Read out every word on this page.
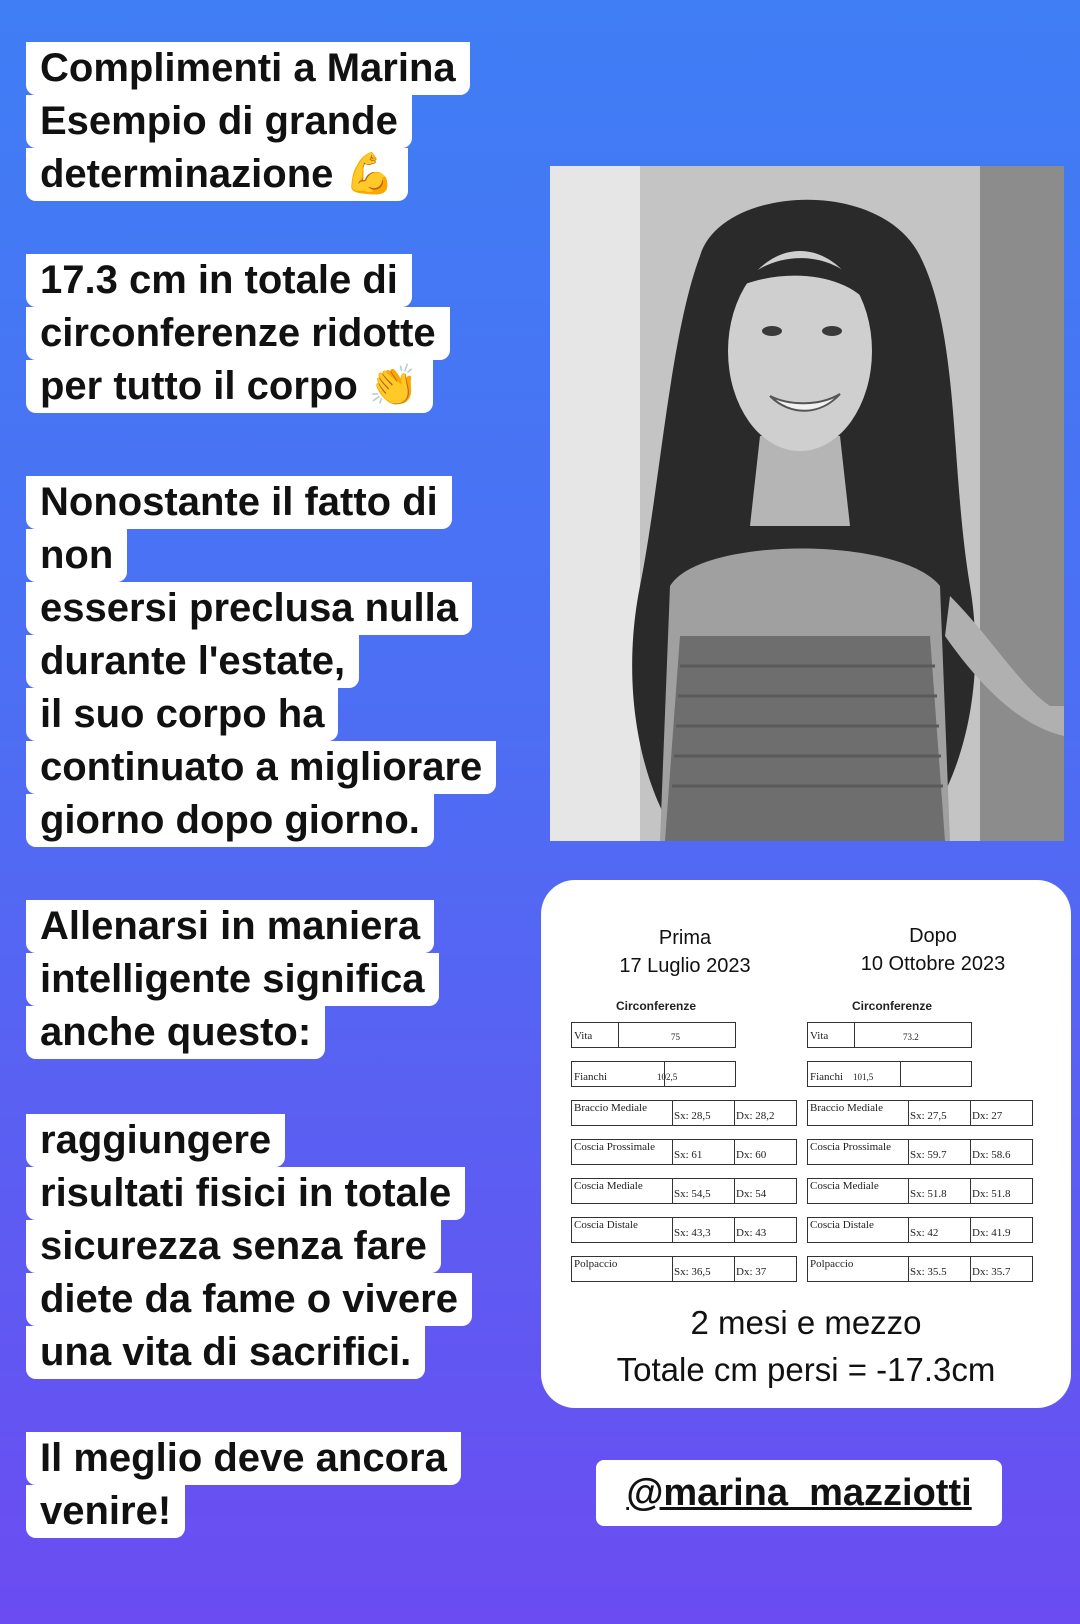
Complimenti a Marina
Esempio di grande
determinazione 💪
17.3 cm in totale di
circonferenze ridotte
per tutto il corpo 👏
Nonostante il fatto di
non
essersi preclusa nulla
durante l'estate,
il suo corpo ha
continuato a migliorare
giorno dopo giorno.
Allenarsi in maniera
intelligente significa
anche questo:
raggiungere
risultati fisici in totale
sicurezza senza fare
diete da fame o vivere
una vita di sacrifici.
Il meglio deve ancora
venire!
Prima
17 Luglio 2023
Dopo
10 Ottobre 2023
Circonferenze
Vita	75
Fianchi	102,5
Braccio Mediale
Sx: 28,5 Dx: 28,2
Coscia Prossimale
Sx: 61	Dx: 60
Coscia Mediale
Sx: 54,5 Dx: 54
Coscia Distale
Sx: 43,3 Dx: 43
Polpaccio
Sx: 36,5 Dx: 37
Circonferenze
Vita	73.2
Fianchi 101,5
Braccio Mediale
Sx: 27,5 Dx: 27
Coscia Prossimale
Sx: 59.7 Dx: 58.6
Coscia Mediale
Sx: 51.8 Dx: 51.8
Coscia Distale
Sx: 42	Dx: 41.9
Polpaccio
Sx: 35.5 Dx: 35.7
2 mesi e mezzo
Totale cm persi = -17.3cm
@marina_mazziotti
